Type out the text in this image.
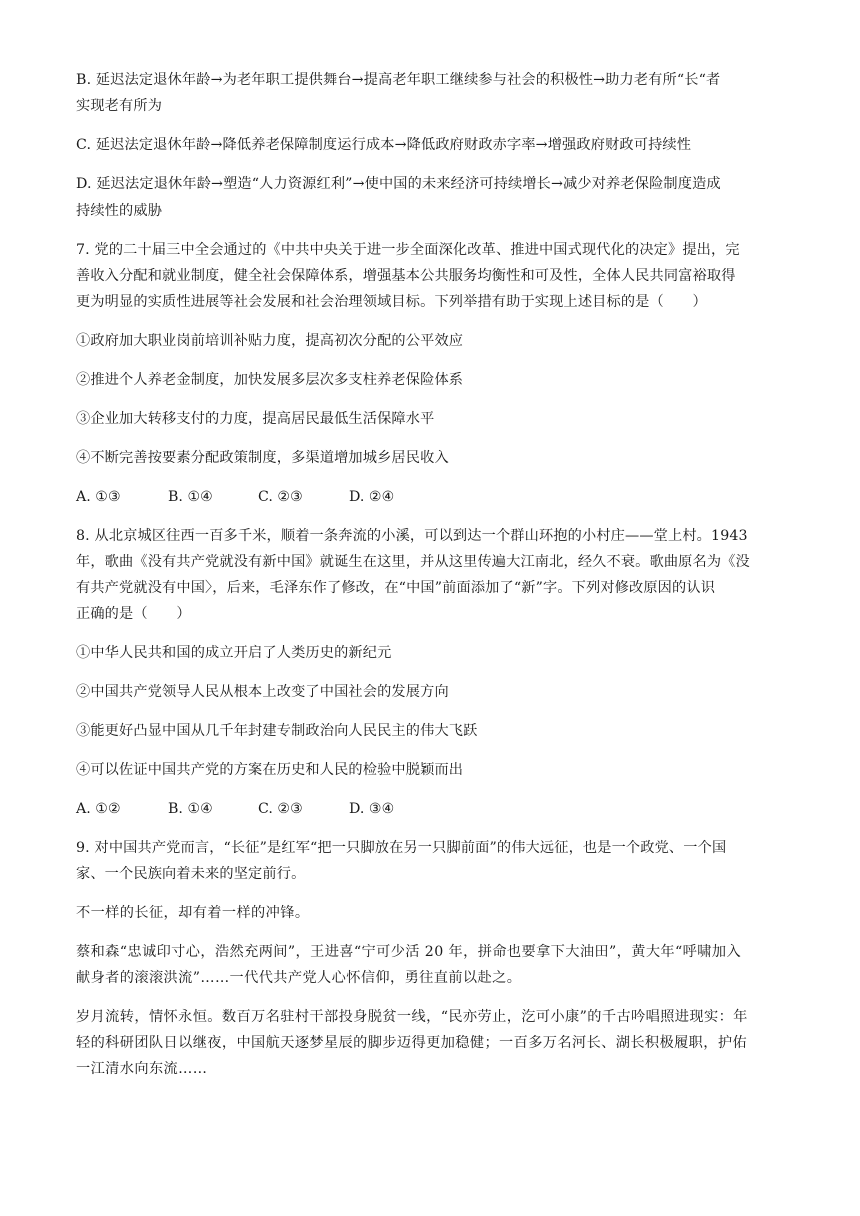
B. 延迟法定退休年龄→为老年职工提供舞台→提高老年职工继续参与社会的积极性→助力老有所“长“者
实现老有所为
C. 延迟法定退休年龄→降低养老保障制度运行成本→降低政府财政赤字率→增强政府财政可持续性
D. 延迟法定退休年龄→塑造“人力资源红利”→使中国的未来经济可持续增长→减少对养老保险制度造成
持续性的威胁
7. 党的二十届三中全会通过的《中共中央关于进一步全面深化改革、推进中国式现代化的决定》提出，完
善收入分配和就业制度，健全社会保障体系，增强基本公共服务均衡性和可及性，全体人民共同富裕取得
更为明显的实质性进展等社会发展和社会治理领域目标。下列举措有助于实现上述目标的是（　　）
①政府加大职业岗前培训补贴力度，提高初次分配的公平效应
②推进个人养老金制度，加快发展多层次多支柱养老保险体系
③企业加大转移支付的力度，提高居民最低生活保障水平
④不断完善按要素分配政策制度，多渠道增加城乡居民收入
A. ①③	B. ①④	C. ②③	D. ②④
8. 从北京城区往西一百多千米，顺着一条奔流的小溪，可以到达一个群山环抱的小村庄——堂上村。1943
年，歌曲《没有共产党就没有新中国》就诞生在这里，并从这里传遍大江南北，经久不衰。歌曲原名为《没
有共产党就没有中国〉，后来，毛泽东作了修改，在“中国”前面添加了“新”字。下列对修改原因的认识
正确的是（　　）
①中华人民共和国的成立开启了人类历史的新纪元
②中国共产党领导人民从根本上改变了中国社会的发展方向
③能更好凸显中国从几千年封建专制政治向人民民主的伟大飞跃
④可以佐证中国共产党的方案在历史和人民的检验中脱颖而出
A. ①②	B. ①④	C. ②③	D. ③④
9. 对中国共产党而言，“长征”是红军“把一只脚放在另一只脚前面”的伟大远征，也是一个政党、一个国
家、一个民族向着未来的坚定前行。
不一样的长征，却有着一样的冲锋。
蔡和森“忠诚印寸心，浩然充两间”，王进喜“宁可少活 20 年，拼命也要拿下大油田”，黄大年“呼啸加入
献身者的滚滚洪流”……一代代共产党人心怀信仰，勇往直前以赴之。
岁月流转，情怀永恒。数百万名驻村干部投身脱贫一线，“民亦劳止，汔可小康”的千古吟唱照进现实：年
轻的科研团队日以继夜，中国航天逐梦星辰的脚步迈得更加稳健；一百多万名河长、湖长积极履职，护佑
一江清水向东流……
